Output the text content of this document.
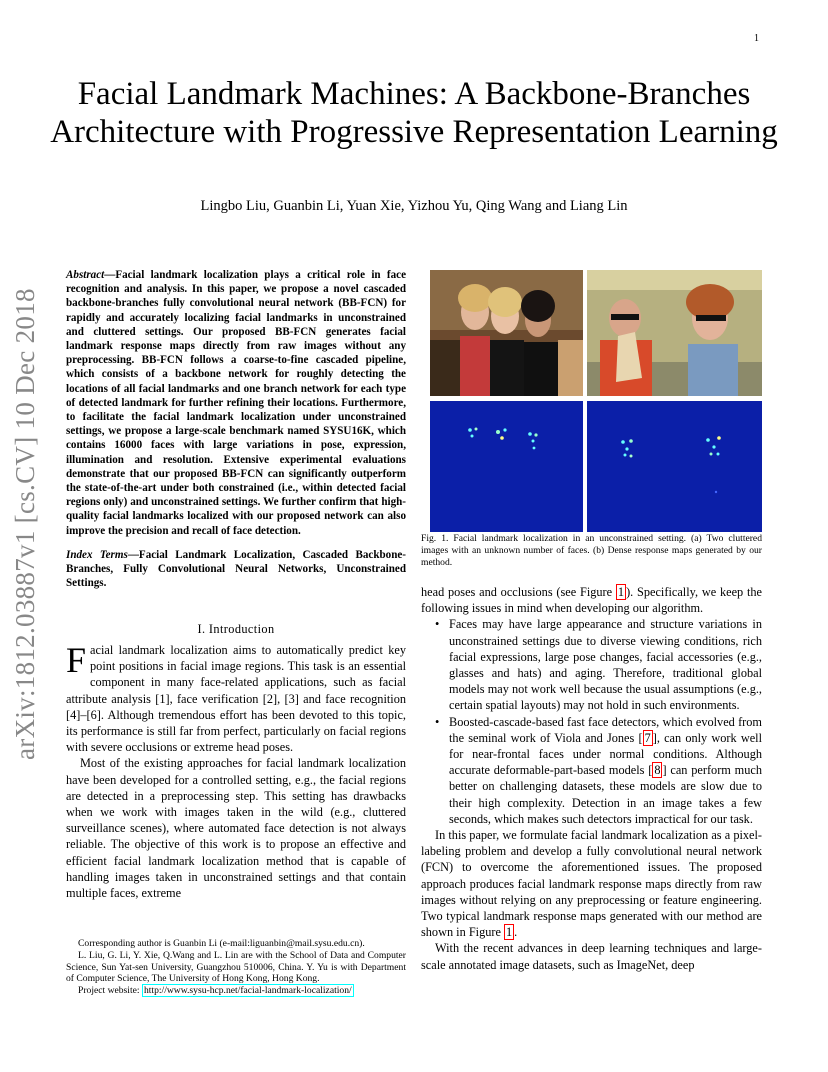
1
arXiv:1812.03887v1 [cs.CV] 10 Dec 2018
Facial Landmark Machines: A Backbone-Branches Architecture with Progressive Representation Learning
Lingbo Liu, Guanbin Li, Yuan Xie, Yizhou Yu, Qing Wang and Liang Lin
Abstract—Facial landmark localization plays a critical role in face recognition and analysis. In this paper, we propose a novel cascaded backbone-branches fully convolutional neural network (BB-FCN) for rapidly and accurately localizing facial landmarks in unconstrained and cluttered settings. Our proposed BB-FCN generates facial landmark response maps directly from raw images without any preprocessing. BB-FCN follows a coarse-to-fine cascaded pipeline, which consists of a backbone network for roughly detecting the locations of all facial landmarks and one branch network for each type of detected landmark for further refining their locations. Furthermore, to facilitate the facial landmark localization under unconstrained settings, we propose a large-scale benchmark named SYSU16K, which contains 16000 faces with large variations in pose, expression, illumination and resolution. Extensive experimental evaluations demonstrate that our proposed BB-FCN can significantly outperform the state-of-the-art under both constrained (i.e., within detected facial regions only) and unconstrained settings. We further confirm that high-quality facial landmarks localized with our proposed network can also improve the precision and recall of face detection.
Index Terms—Facial Landmark Localization, Cascaded Backbone-Branches, Fully Convolutional Neural Networks, Unconstrained Settings.
I. Introduction

Facial landmark localization aims to automatically predict key point positions in facial image regions. This task is an essential component in many face-related applications, such as facial attribute analysis [1], face verification [2], [3] and face recognition [4]–[6]. Although tremendous effort has been devoted to this topic, its performance is still far from perfect, particularly on facial regions with severe occlusions or extreme head poses.

Most of the existing approaches for facial landmark localization have been developed for a controlled setting, e.g., the facial regions are detected in a preprocessing step. This setting has drawbacks when we work with images taken in the wild (e.g., cluttered surveillance scenes), where automated face detection is not always reliable. The objective of this work is to propose an effective and efficient facial landmark localization method that is capable of handling images taken in unconstrained settings and that contain multiple faces, extreme

Corresponding author is Guanbin Li (e-mail:liguanbin@mail.sysu.edu.cn).

L. Liu, G. Li, Y. Xie, Q.Wang and L. Lin are with the School of Data and Computer Science, Sun Yat-sen University, Guangzhou 510006, China. Y. Yu is with Department of Computer Science, The University of Hong Kong, Hong Kong.

Project website: http://www.sysu-hcp.net/facial-landmark-localization/

Fig. 1. Facial landmark localization in an unconstrained setting. (a) Two cluttered images with an unknown number of faces. (b) Dense response maps generated by our method.

head poses and occlusions (see Figure 1 ). Specifically, we keep the following issues in mind when developing our algorithm.

• Faces may have large appearance and structure variations in unconstrained settings due to diverse viewing conditions, rich facial expressions, large pose changes, facial accessories (e.g., glasses and hats) and aging. Therefore, traditional global models may not work well because the usual assumptions (e.g., certain spatial layouts) may not hold in such environments.
• Boosted-cascade-based fast face detectors, which evolved from the seminal work of Viola and Jones [ 7 ], can only work well for near-frontal faces under normal conditions. Although accurate deformable-part-based models [ 8 ] can perform much better on challenging datasets, these models are slow due to their high complexity. Detection in an image takes a few seconds, which makes such detectors impractical for our task.

In this paper, we formulate facial landmark localization as a pixel-labeling problem and develop a fully convolutional neural network (FCN) to overcome the aforementioned issues. The proposed approach produces facial landmark response maps directly from raw images without relying on any preprocessing or feature engineering. Two typical landmark response maps generated with our method are shown in Figure 1 .

With the recent advances in deep learning techniques and large-scale annotated image datasets, such as ImageNet, deep
